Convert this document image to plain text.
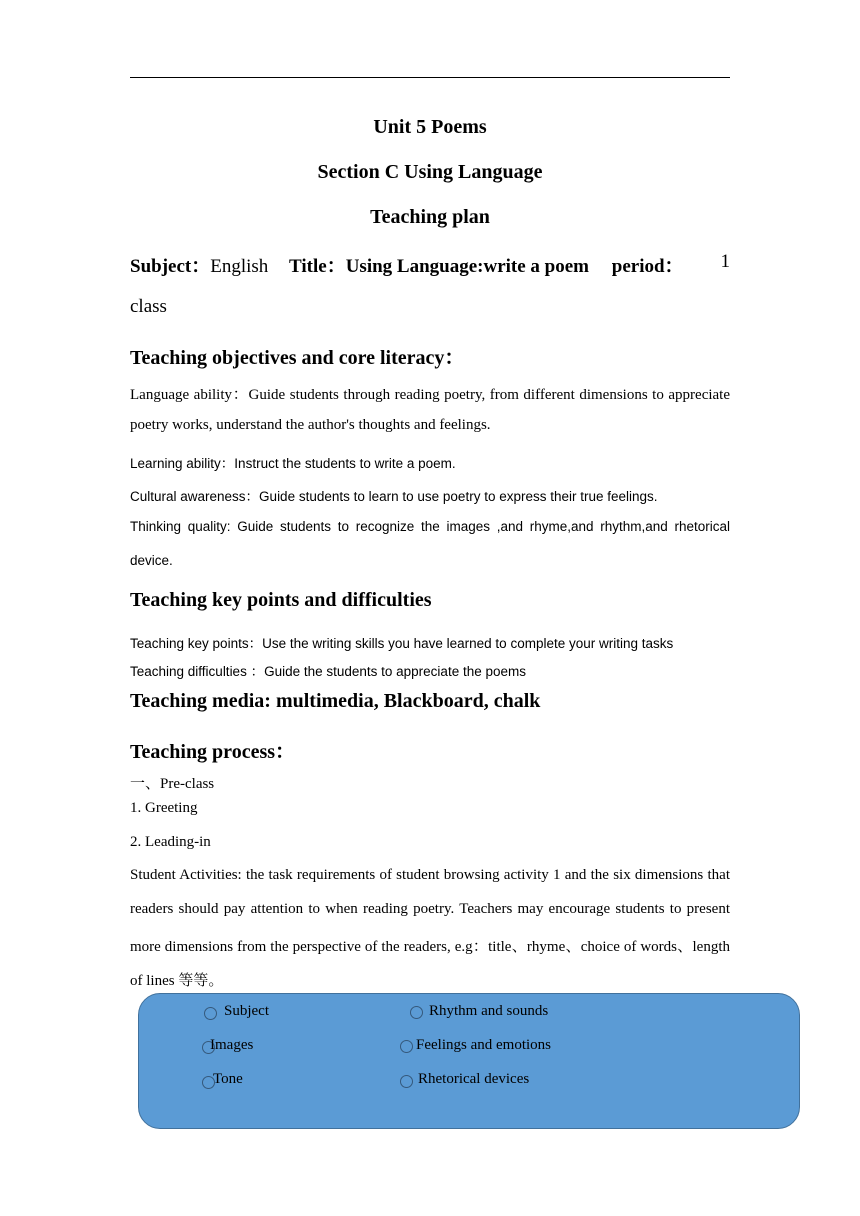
Unit 5 Poems
Section C Using Language
Teaching plan
Subject：English Title：Using Language:write a poem period： 1
class
Teaching objectives and core literacy：
Language ability：Guide students through reading poetry, from different dimensions to appreciate
poetry works, understand the author's thoughts and feelings.
Learning ability：Instruct the students to write a poem.
Cultural awareness：Guide students to learn to use poetry to express their true feelings.
Thinking quality: Guide students to recognize the images ,and rhyme,and rhythm,and rhetorical
device.
Teaching key points and difficulties
Teaching key points：Use the writing skills you have learned to complete your writing tasks
Teaching difficulties ：Guide the students to appreciate the poems
Teaching media: multimedia, Blackboard, chalk
Teaching process：
一、Pre-class
1. Greeting
2. Leading-in
Student Activities: the task requirements of student browsing activity 1 and the six dimensions that
readers should pay attention to when reading poetry. Teachers may encourage students to present
more dimensions from the perspective of the readers, e.g：title、rhyme、choice of words、length
of lines 等等。
Subject	Rhythm and sounds
Images	Feelings and emotions
Tone	Rhetorical devices
